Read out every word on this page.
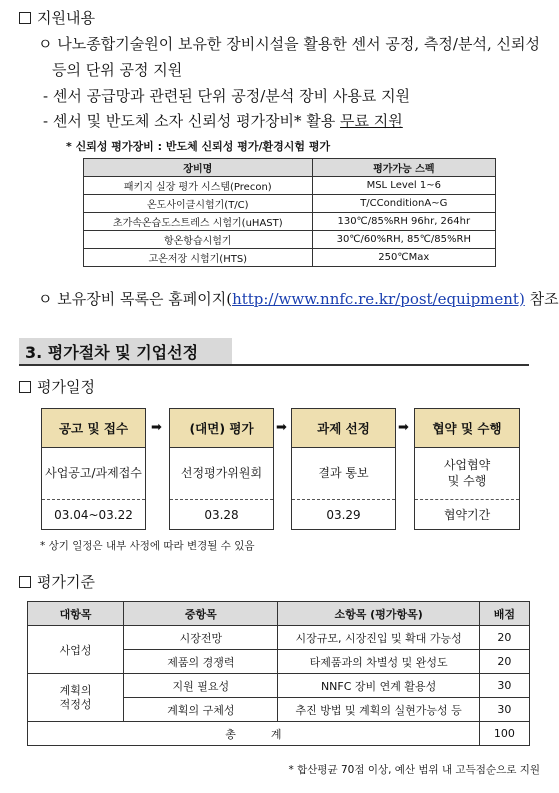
지원내용
ㅇ 나노종합기술원이 보유한 장비시설을 활용한 센서 공정, 측정/분석, 신뢰성
등의 단위 공정 지원
- 센서 공급망과 관련된 단위 공정/분석 장비 사용료 지원
- 센서 및 반도체 소자 신뢰성 평가장비* 활용 무료 지원
* 신뢰성 평가장비 : 반도체 신뢰성 평가/환경시험 평가
장비명	평가가능 스펙
패키지 실장 평가 시스템(Precon)	MSL Level 1~6
온도사이클시험기(T/C)	T/CConditionA~G
초가속온습도스트레스 시험기(uHAST)	130℃/85%RH 96hr, 264hr
항온항습시험기	30℃/60%RH, 85℃/85%RH
고온저장 시험기(HTS)	250℃Max
ㅇ 보유장비 목록은 홈페이지(http://www.nnfc.re.kr/post/equipment) 참조
3. 평가절차 및 기업선정
평가일정
공고 및 접수
사업공고/과제접수
03.04~03.22
➡	(대면) 평가
선정평가위원회
03.28
➡	과제 선정
결과 통보
03.29
➡	협약 및 수행
사업협약
및 수행
협약기간
* 상기 일정은 내부 사정에 따라 변경될 수 있음
평가기준
대항목	중항목	소항목 (평가항목)	배점
사업성	시장전망	시장규모, 시장진입 및 확대 가능성	20
	제품의 경쟁력	타제품과의 차별성 및 완성도	20
계획의
적정성	지원 필요성	NNFC 장비 연계 활용성	30
	계획의 구체성	추진 방법 및 계획의 실현가능성 등	30
총          계			100
* 합산평균 70점 이상, 예산 범위 내 고득점순으로 지원
